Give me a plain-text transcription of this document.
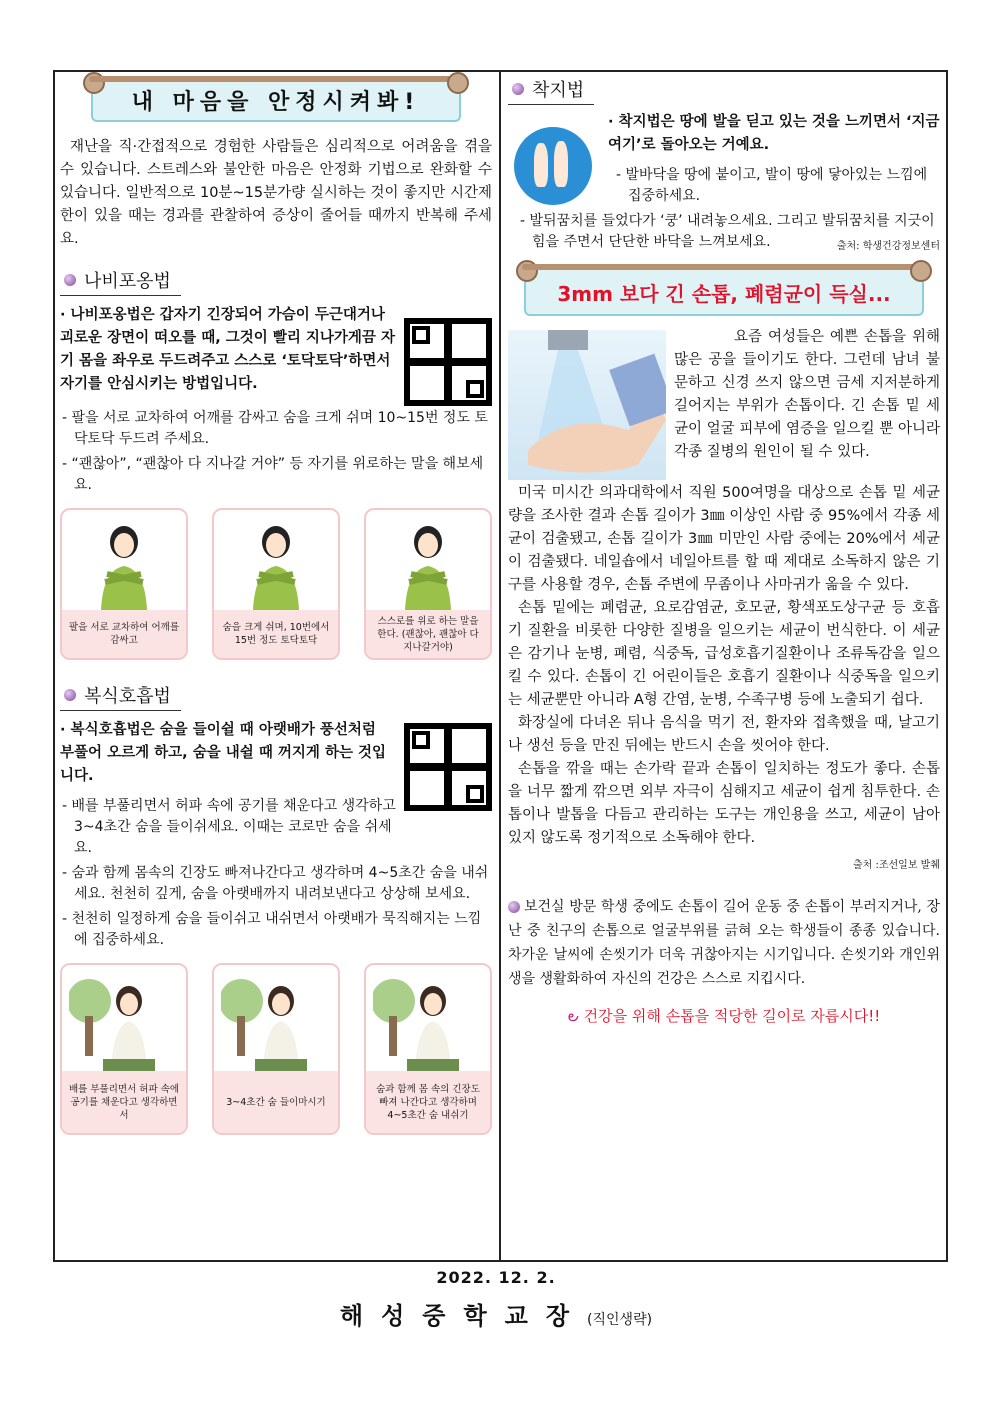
내 마음을 안정시켜봐!

재난을 직·간접적으로 경험한 사람들은 심리적으로 어려움을 겪을 수 있습니다. 스트레스와 불안한 마음은 안정화 기법으로 완화할 수 있습니다. 일반적으로 10분~15분가량 실시하는 것이 좋지만 시간제한이 있을 때는 경과를 관찰하여 증상이 줄어들 때까지 반복해 주세요.

나비포옹법

· 나비포옹법은 갑자기 긴장되어 가슴이 두근대거나 괴로운 장면이 떠오를 때, 그것이 빨리 지나가게끔 자기 몸을 좌우로 두드려주고 스스로 ‘토닥토닥’하면서 자기를 안심시키는 방법입니다.

- 팔을 서로 교차하여 어깨를 감싸고 숨을 크게 쉬며 10~15번 정도 토닥토닥 두드려 주세요.

- “괜찮아”, “괜찮아 다 지나갈 거야” 등 자기를 위로하는 말을 해보세요.

팔을 서로 교차하여 어깨를 감싸고
숨을 크게 쉬며, 10번에서 15번 정도 토닥토닥
스스로를 위로 하는 말을 한다. (괜찮아, 괜찮아 다 지나갈거야)
복식호흡법

· 복식호흡법은 숨을 들이쉴 때 아랫배가 풍선처럼 부풀어 오르게 하고, 숨을 내쉴 때 꺼지게 하는 것입니다.

- 배를 부풀리면서 허파 속에 공기를 채운다고 생각하고 3~4초간 숨을 들이쉬세요. 이때는 코로만 숨을 쉬세요.

- 숨과 함께 몸속의 긴장도 빠져나간다고 생각하며 4~5초간 숨을 내쉬세요. 천천히 깊게, 숨을 아랫배까지 내려보낸다고 상상해 보세요.

- 천천히 일정하게 숨을 들이쉬고 내쉬면서 아랫배가 묵직해지는 느낌에 집중하세요.

배를 부풀리면서 허파 속에 공기를 채운다고 생각하면서
3~4초간 숨 들이마시기
숨과 함께 몸 속의 긴장도 빠져 나간다고 생각하며 4~5초간 숨 내쉬기
착지법

· 착지법은 땅에 발을 딛고 있는 것을 느끼면서 ‘지금 여기’로 돌아오는 거예요.

- 발바닥을 땅에 붙이고, 발이 땅에 닿아있는 느낌에 집중하세요.

- 발뒤꿈치를 들었다가 ‘쿵’ 내려놓으세요. 그리고 발뒤꿈치를 지긋이 힘을 주면서 단단한 바닥을 느껴보세요.	출처: 학생건강정보센터

3mm 보다 긴 손톱, 폐렴균이 득실...

요즘 여성들은 예쁜 손톱을 위해 많은 공을 들이기도 한다. 그런데 남녀 불문하고 신경 쓰지 않으면 금세 지저분하게 길어지는 부위가 손톱이다. 긴 손톱 밑 세균이 얼굴 피부에 염증을 일으킬 뿐 아니라 각종 질병의 원인이 될 수 있다.

미국 미시간 의과대학에서 직원 500여명을 대상으로 손톱 밑 세균량을 조사한 결과 손톱 길이가 3㎜ 이상인 사람 중 95%에서 각종 세균이 검출됐고, 손톱 길이가 3㎜ 미만인 사람 중에는 20%에서 세균이 검출됐다. 네일숍에서 네일아트를 할 때 제대로 소독하지 않은 기구를 사용할 경우, 손톱 주변에 무좀이나 사마귀가 옮을 수 있다.

손톱 밑에는 폐렴균, 요로감염균, 호모균, 황색포도상구균 등 호흡기 질환을 비롯한 다양한 질병을 일으키는 세균이 번식한다. 이 세균은 감기나 눈병, 폐렴, 식중독, 급성호흡기질환이나 조류독감을 일으킬 수 있다. 손톱이 긴 어린이들은 호흡기 질환이나 식중독을 일으키는 세균뿐만 아니라 A형 간염, 눈병, 수족구병 등에 노출되기 쉽다.

화장실에 다녀온 뒤나 음식을 먹기 전, 환자와 접촉했을 때, 날고기나 생선 등을 만진 뒤에는 반드시 손을 씻어야 한다.

손톱을 깎을 때는 손가락 끝과 손톱이 일치하는 정도가 좋다. 손톱을 너무 짧게 깎으면 외부 자극이 심해지고 세균이 쉽게 침투한다. 손톱이나 발톱을 다듬고 관리하는 도구는 개인용을 쓰고, 세균이 남아 있지 않도록 정기적으로 소독해야 한다.

출처 :조선일보 발췌

보건실 방문 학생 중에도 손톱이 길어 운동 중 손톱이 부러지거나, 장난 중 친구의 손톱으로 얼굴부위를 긁혀 오는 학생들이 종종 있습니다. 차가운 날씨에 손씻기가 더욱 귀찮아지는 시기입니다. 손씻기와 개인위생을 생활화하여 자신의 건강은 스스로 지킵시다.

౿ 건강을 위해 손톱을 적당한 길이로 자릅시다!!

2022. 12. 2.
해성중학교장(직인생략)
